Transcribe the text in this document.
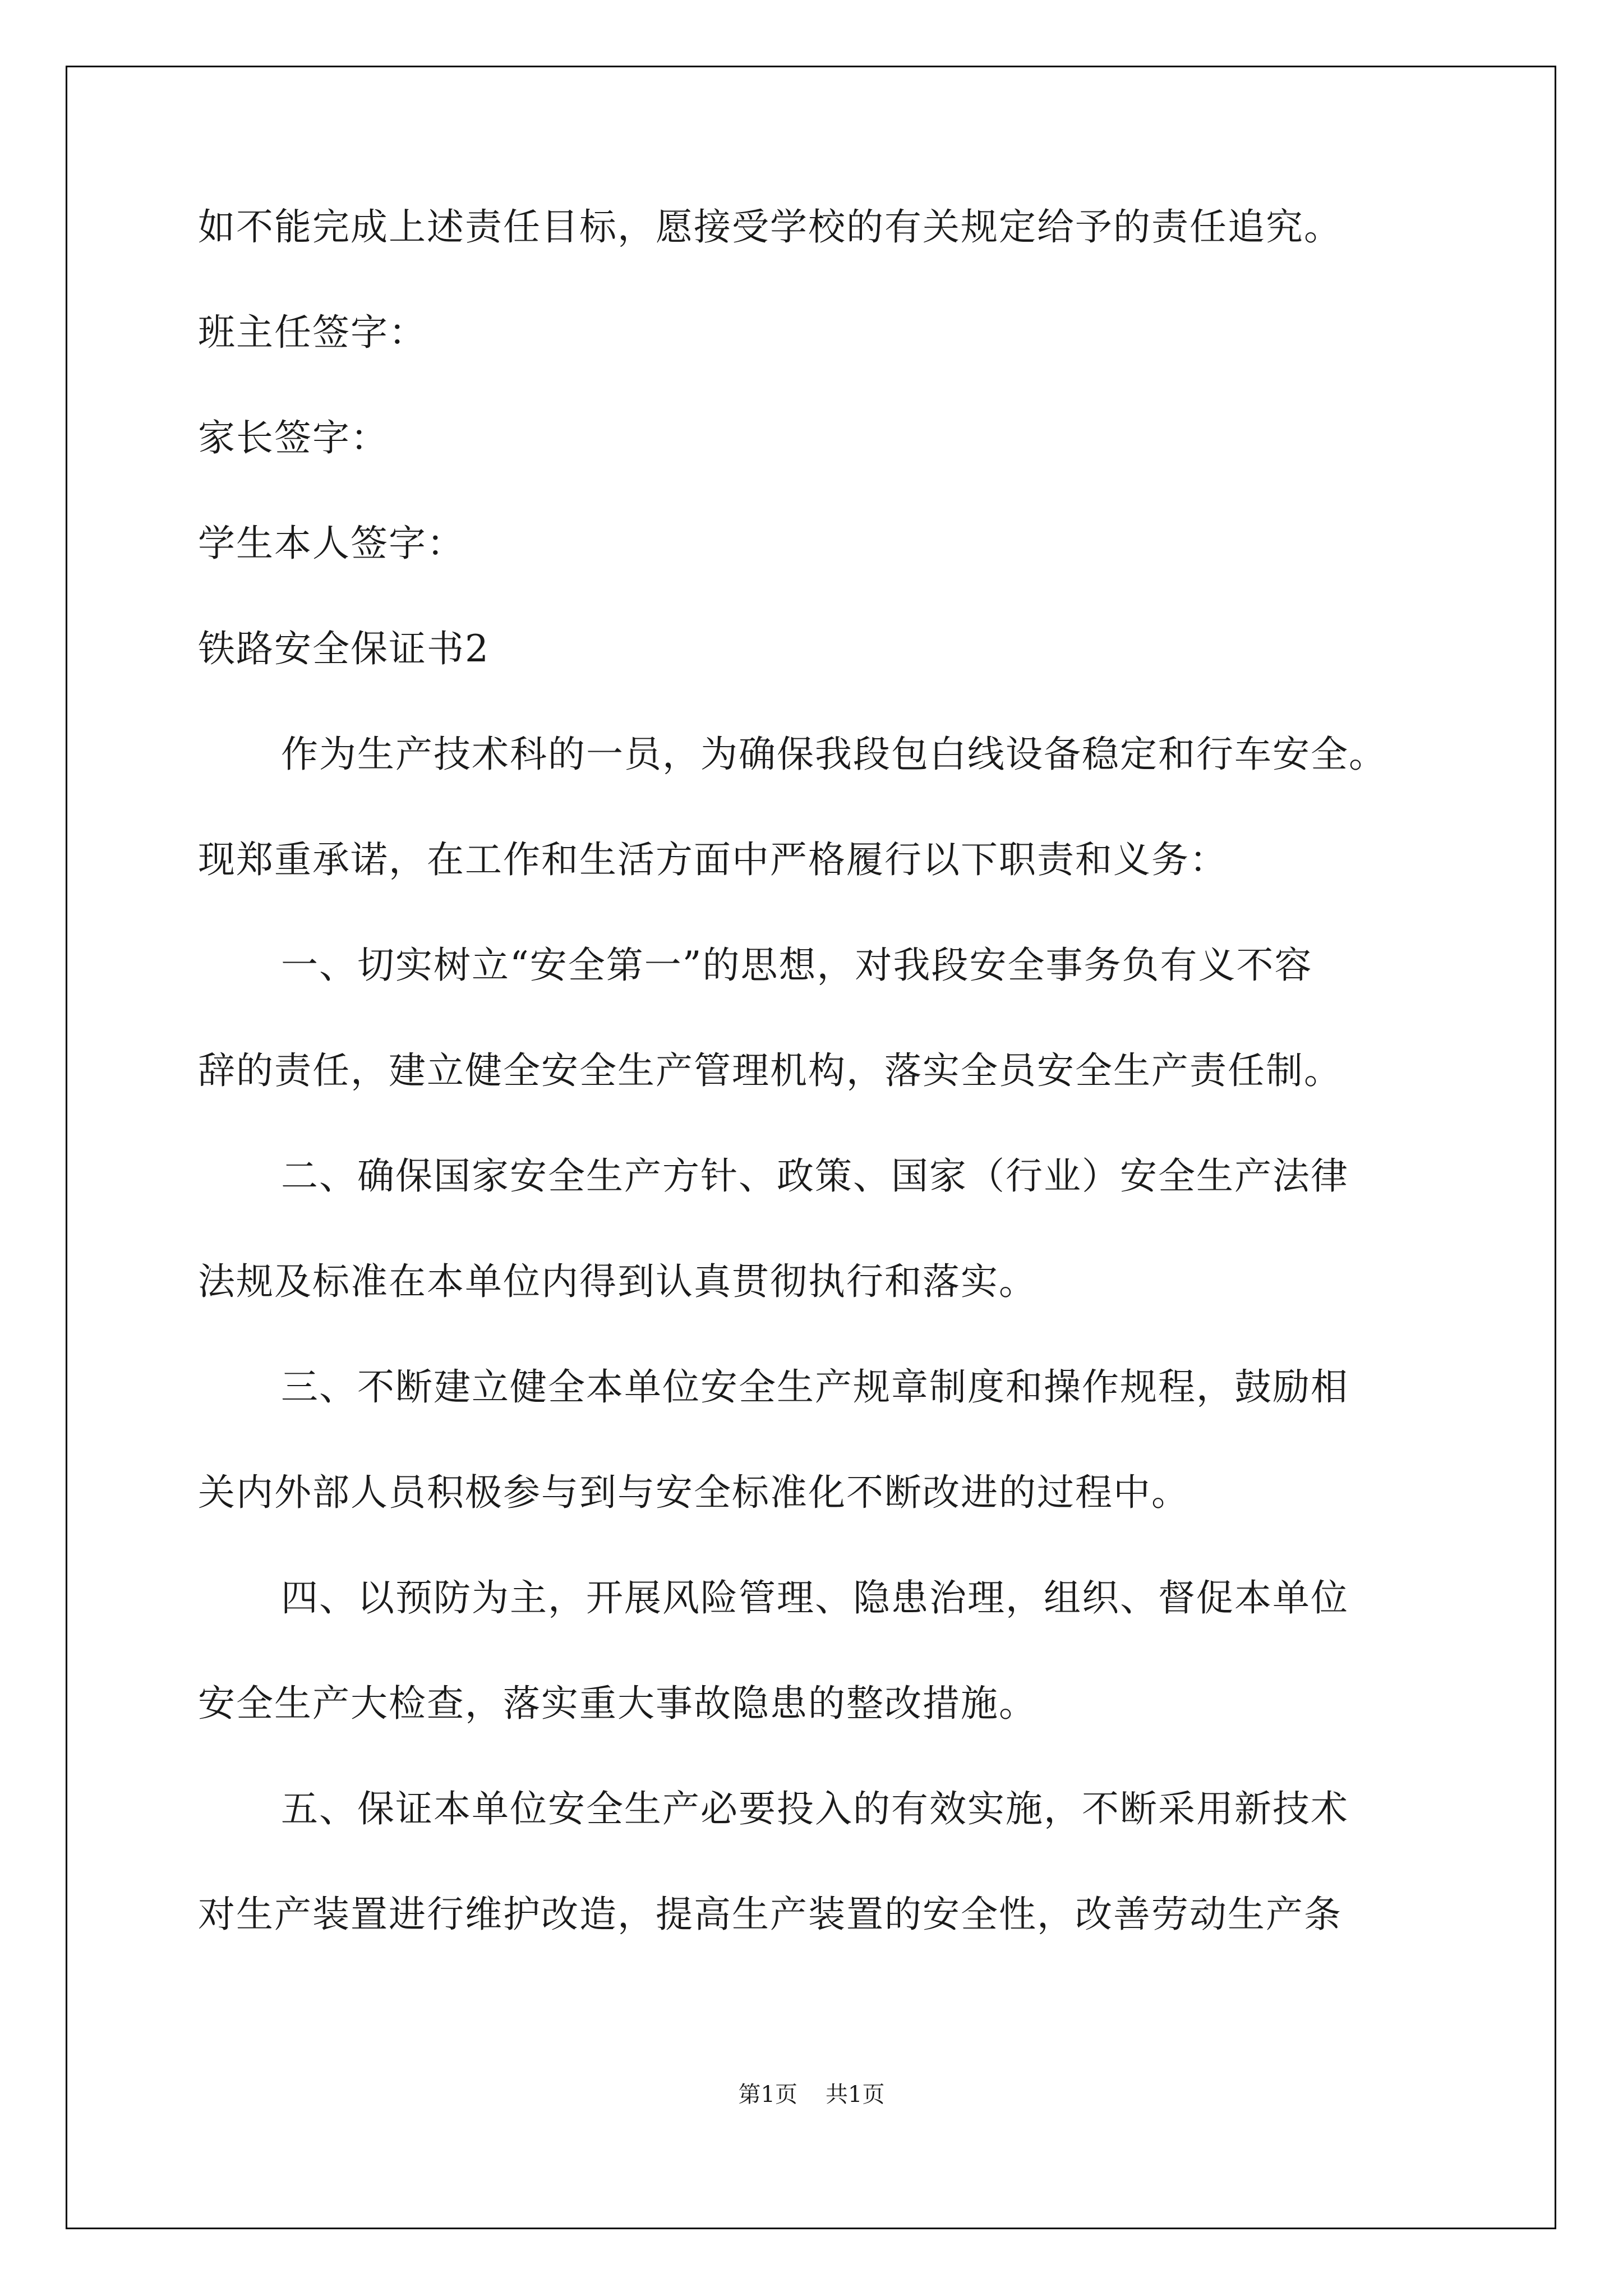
如不能完成上述责任目标，愿接受学校的有关规定给予的责任追究。

班主任签字：

家长签字：

学生本人签字：

铁路安全保证书2

作为生产技术科的一员，为确保我段包白线设备稳定和行车安全。

现郑重承诺，在工作和生活方面中严格履行以下职责和义务：

一、切实树立“安全第一”的思想，对我段安全事务负有义不容

辞的责任，建立健全安全生产管理机构，落实全员安全生产责任制。

二、确保国家安全生产方针、政策、国家（行业）安全生产法律

法规及标准在本单位内得到认真贯彻执行和落实。

三、不断建立健全本单位安全生产规章制度和操作规程，鼓励相

关内外部人员积极参与到与安全标准化不断改进的过程中。

四、以预防为主，开展风险管理、隐患治理，组织、督促本单位

安全生产大检查，落实重大事故隐患的整改措施。

五、保证本单位安全生产必要投入的有效实施，不断采用新技术

对生产装置进行维护改造，提高生产装置的安全性，改善劳动生产条

第1页 共1页
